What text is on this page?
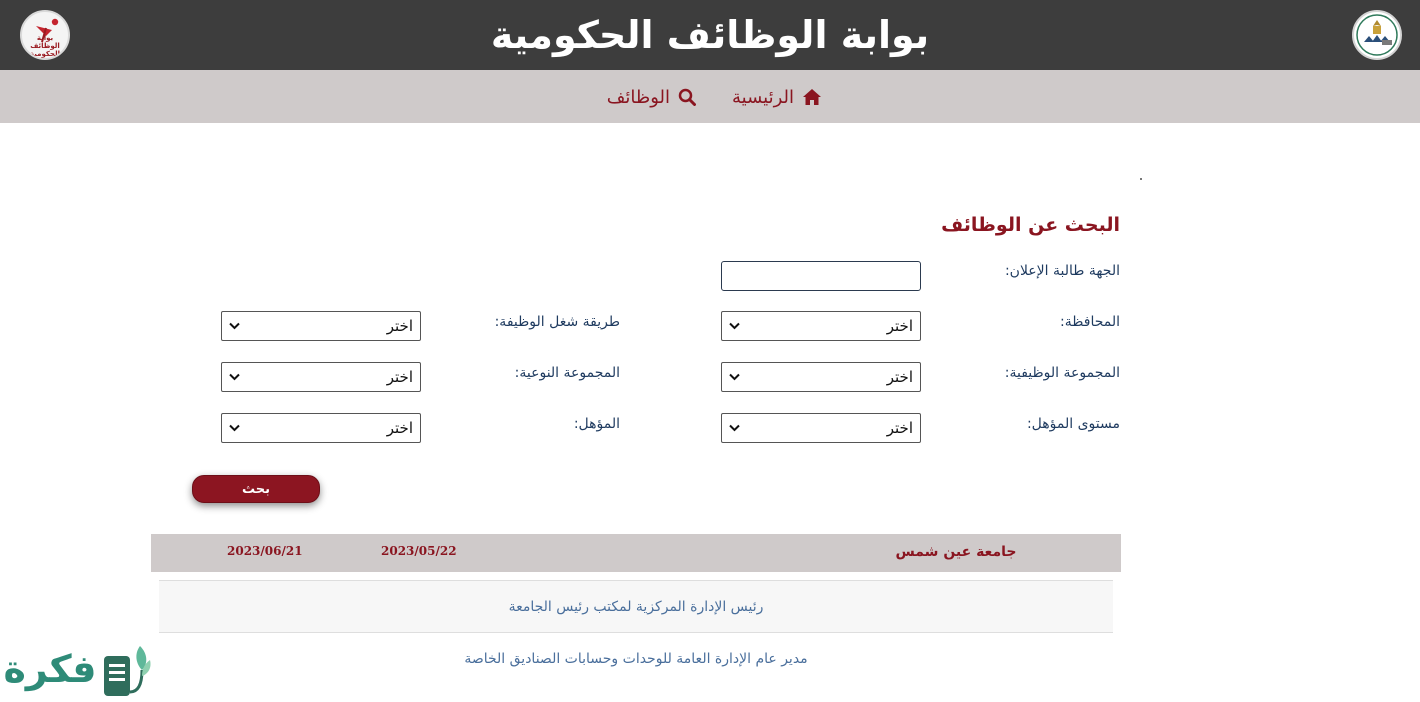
بوابة الوظائف الحكومية	بوابة الوظائف الحكومية
الرئيسية
الوظائف
البحث عن الوظائف
الجهة طالبة الإعلان:
المحافظة:
اختر
طريقة شغل الوظيفة:
اختر
المجموعة الوظيفية:
اختر
المجموعة النوعية:
اختر
مستوى المؤهل:
اختر
المؤهل:
اختر
بحث
2023/06/21	2023/05/22	جامعة عين شمس
رئيس الإدارة المركزية لمكتب رئيس الجامعة
مدير عام الإدارة العامة للوحدات وحسابات الصناديق الخاصة
فكرة
